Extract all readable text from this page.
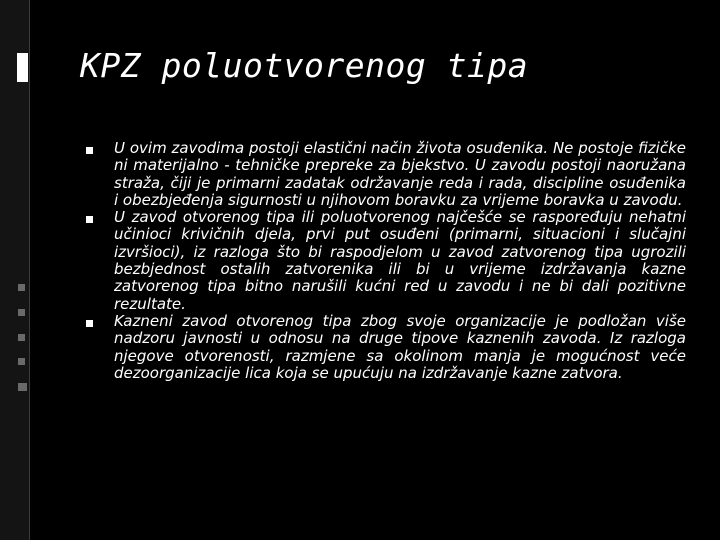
KPZ poluotvorenog tipa
U ovim zavodima postoji elastični način života osuđenika. Ne postoje fizičke ni materijalno - tehničke prepreke za bjekstvo. U zavodu postoji naoružana straža, čiji je primarni zadatak održavanje reda i rada, discipline osuđenika i obezbjeđenja sigurnosti u njihovom boravku za vrijeme boravka u zavodu.
U zavod otvorenog tipa ili poluotvorenog najčešće se raspoređuju nehatni učinioci krivičnih djela, prvi put osuđeni (primarni, situacioni i slučajni izvršioci), iz razloga što bi raspodjelom u zavod zatvorenog tipa ugrozili bezbjednost ostalih zatvorenika ili bi u vrijeme izdržavanja kazne zatvorenog tipa bitno narušili kućni red u zavodu i ne bi dali pozitivne rezultate.
Kazneni zavod otvorenog tipa zbog svoje organizacije je podložan više nadzoru javnosti u odnosu na druge tipove kaznenih zavoda. Iz razloga njegove otvorenosti, razmjene sa okolinom manja je mogućnost veće dezoorganizacije lica koja se upućuju na izdržavanje kazne zatvora.
